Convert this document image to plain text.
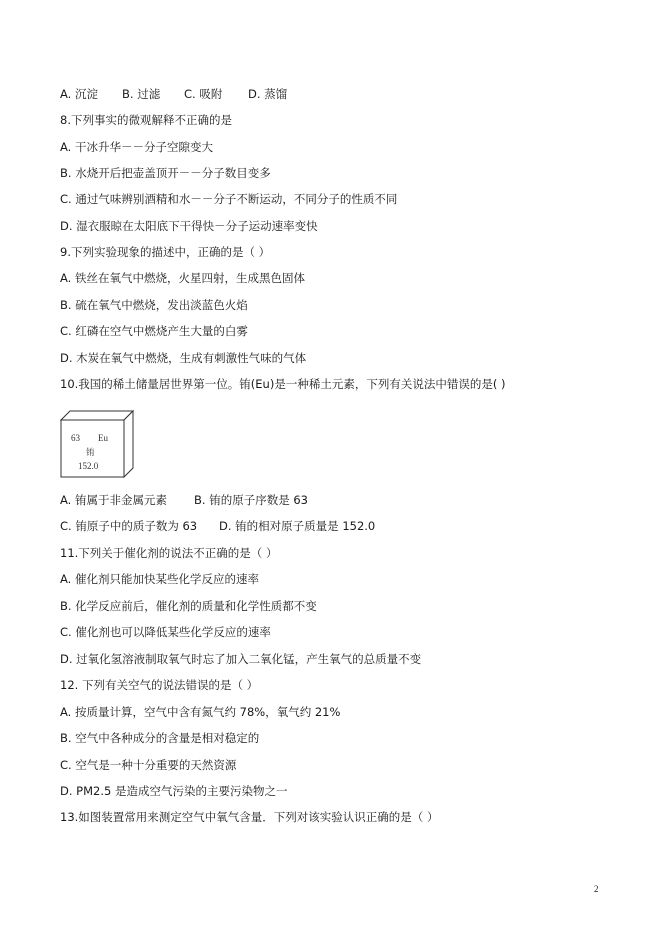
A. 沉淀 B. 过滤 C. 吸附 D. 蒸馏
8.下列事实的微观解释不正确的是
A. 干冰升华－－分子空隙变大
B. 水烧开后把壶盖顶开－－分子数目变多
C. 通过气味辨别酒精和水－－分子不断运动，不同分子的性质不同
D. 湿衣服晾在太阳底下干得快－分子运动速率变快
9.下列实验现象的描述中，正确的是（ ）
A. 铁丝在氧气中燃烧，火星四射，生成黑色固体
B. 硫在氧气中燃烧，发出淡蓝色火焰
C. 红磷在空气中燃烧产生大量的白雾
D. 木炭在氧气中燃烧，生成有刺激性气味的气体
10.我国的稀土储量居世界第一位。铕(Eu)是一种稀土元素，下列有关说法中错误的是( )
63 Eu
铕
152.0
A. 铕属于非金属元素 B. 铕的原子序数是 63
C. 铕原子中的质子数为 63 D. 铕的相对原子质量是 152.0
11.下列关于催化剂的说法不正确的是（ ）
A. 催化剂只能加快某些化学反应的速率
B. 化学反应前后，催化剂的质量和化学性质都不变
C. 催化剂也可以降低某些化学反应的速率
D. 过氧化氢溶液制取氧气时忘了加入二氧化锰，产生氧气的总质量不变
12. 下列有关空气的说法错误的是（ ）
A. 按质量计算，空气中含有氮气约 78%，氧气约 21%
B. 空气中各种成分的含量是相对稳定的
C. 空气是一种十分重要的天然资源
D. PM2.5 是造成空气污染的主要污染物之一
13.如图装置常用来测定空气中氧气含量．下列对该实验认识正确的是（ ）
2
